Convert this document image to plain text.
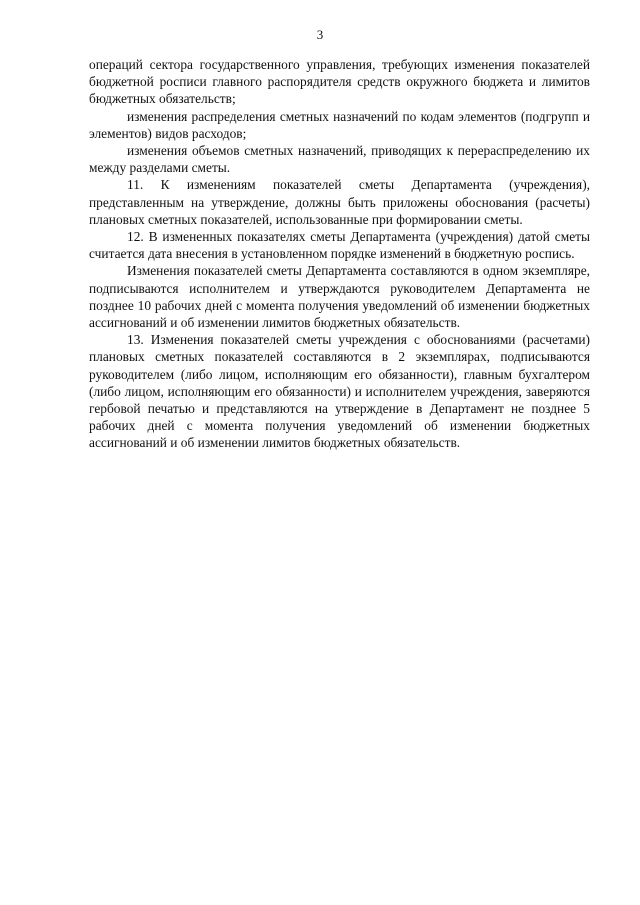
3

операций сектора государственного управления, требующих изменения показателей бюджетной росписи главного распорядителя средств окружного бюджета и лимитов бюджетных обязательств;

изменения распределения сметных назначений по кодам элементов (подгрупп и элементов) видов расходов;

изменения объемов сметных назначений, приводящих к перераспределению их между разделами сметы.

11. К изменениям показателей сметы Департамента (учреждения), представленным на утверждение, должны быть приложены обоснования (расчеты) плановых сметных показателей, использованные при формировании сметы.

12. В измененных показателях сметы Департамента (учреждения) датой сметы считается дата внесения в установленном порядке изменений в бюджетную роспись.

Изменения показателей сметы Департамента составляются в одном экземпляре, подписываются исполнителем и утверждаются руководителем Департамента не позднее 10 рабочих дней с момента получения уведомлений об изменении бюджетных ассигнований и об изменении лимитов бюджетных обязательств.

13. Изменения показателей сметы учреждения с обоснованиями (расчетами) плановых сметных показателей составляются в 2 экземплярах, подписываются руководителем (либо лицом, исполняющим его обязанности), главным бухгалтером (либо лицом, исполняющим его обязанности) и исполнителем учреждения, заверяются гербовой печатью и представляются на утверждение в Департамент не позднее 5 рабочих дней с момента получения уведомлений об изменении бюджетных ассигнований и об изменении лимитов бюджетных обязательств.
